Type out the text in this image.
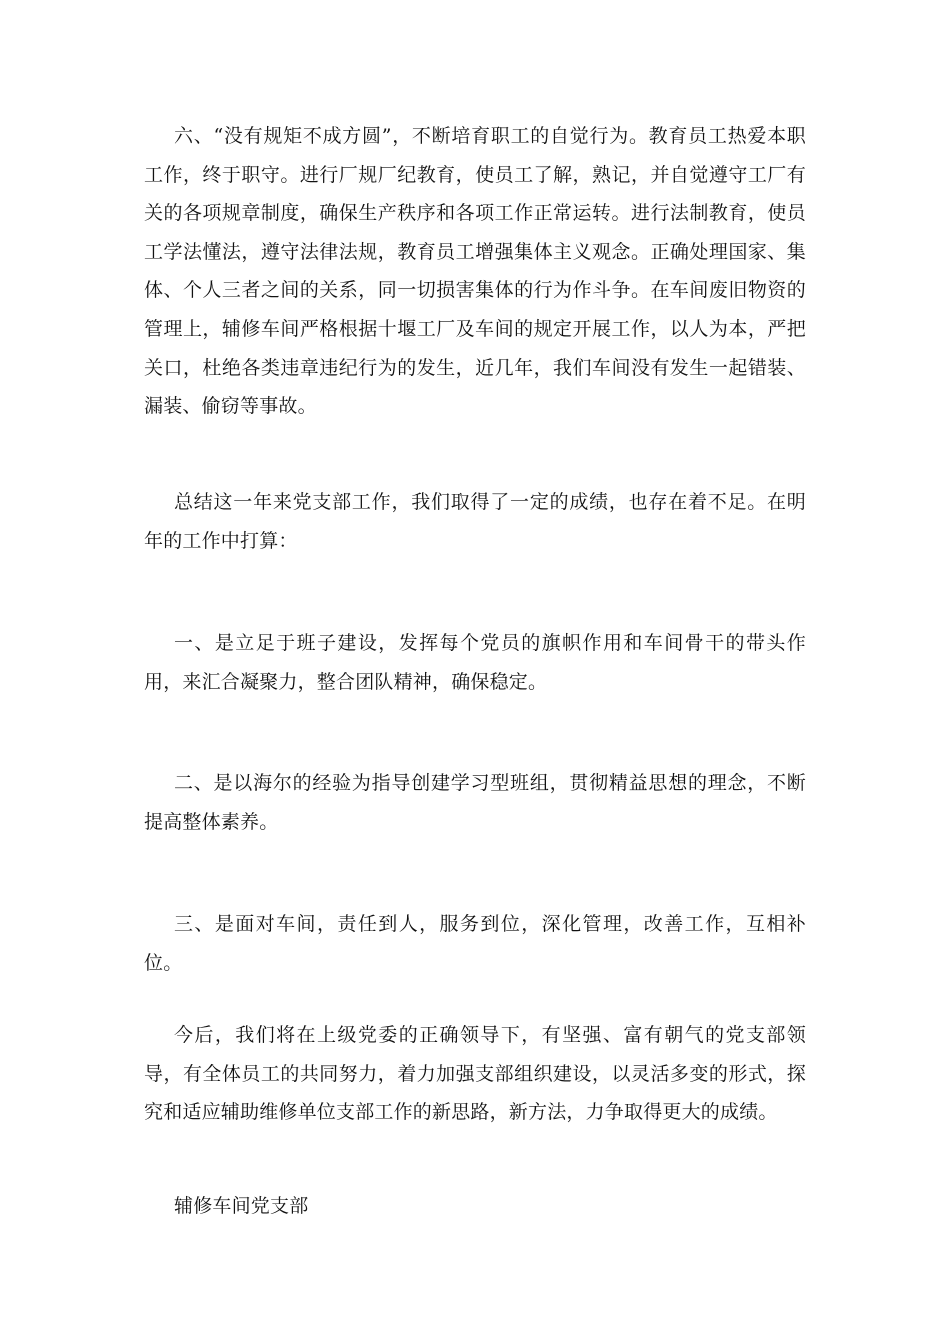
六、“没有规矩不成方圆”，不断培育职工的自觉行为。教育员工热爱本职工作，终于职守。进行厂规厂纪教育，使员工了解，熟记，并自觉遵守工厂有关的各项规章制度，确保生产秩序和各项工作正常运转。进行法制教育，使员工学法懂法，遵守法律法规，教育员工增强集体主义观念。正确处理国家、集体、个人三者之间的关系，同一切损害集体的行为作斗争。在车间废旧物资的管理上，辅修车间严格根据十堰工厂及车间的规定开展工作，以人为本，严把关口，杜绝各类违章违纪行为的发生，近几年，我们车间没有发生一起错装、漏装、偷窃等事故。

总结这一年来党支部工作，我们取得了一定的成绩，也存在着不足。在明年的工作中打算：

一、是立足于班子建设，发挥每个党员的旗帜作用和车间骨干的带头作用，来汇合凝聚力，整合团队精神，确保稳定。

二、是以海尔的经验为指导创建学习型班组，贯彻精益思想的理念，不断提高整体素养。

三、是面对车间，责任到人，服务到位，深化管理，改善工作，互相补位。

今后，我们将在上级党委的正确领导下，有坚强、富有朝气的党支部领导，有全体员工的共同努力，着力加强支部组织建设，以灵活多变的形式，探究和适应辅助维修单位支部工作的新思路，新方法，力争取得更大的成绩。

辅修车间党支部
